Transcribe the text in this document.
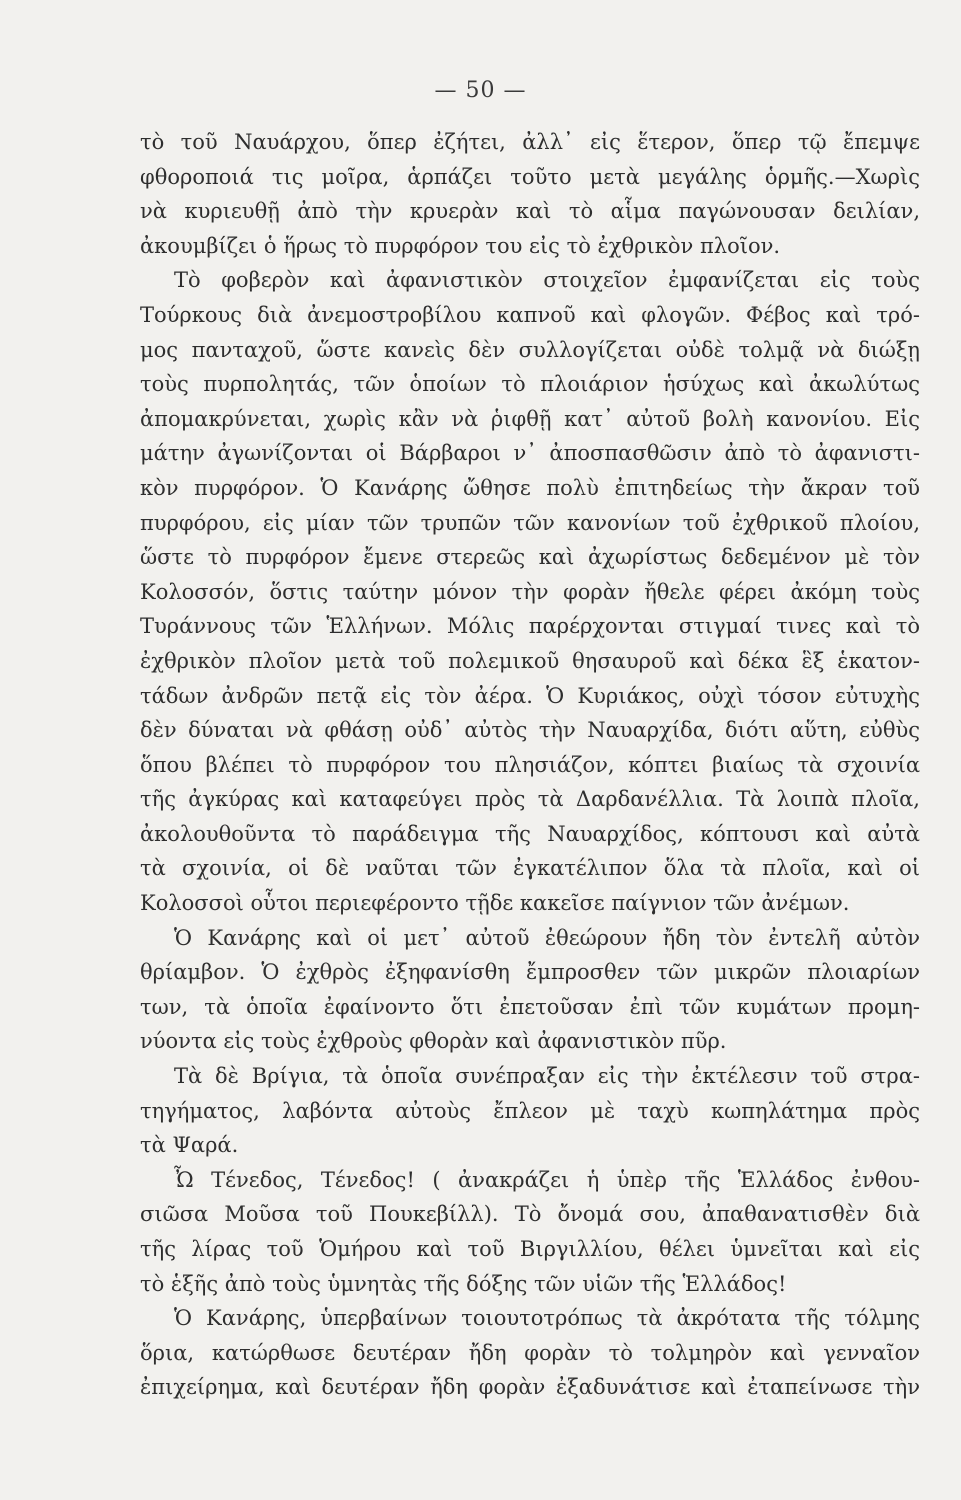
— 50 —
τὸ τοῦ Ναυάρχου, ὅπερ ἐζήτει, ἀλλ᾽ εἰς ἕτερον, ὅπερ τῷ ἔπεμψε
φθοροποιά τις μοῖρα, ἁρπάζει τοῦτο μετὰ μεγάλης ὁρμῆς.—Χωρὶς
νὰ κυριευθῇ ἀπὸ τὴν κρυερὰν καὶ τὸ αἷμα παγώνουσαν δειλίαν,
ἀκουμβίζει ὁ ἥρως τὸ πυρφόρον του εἰς τὸ ἐχθρικὸν πλοῖον.
Τὸ φοβερὸν καὶ ἀφανιστικὸν στοιχεῖον ἐμφανίζεται εἰς τοὺς
Τούρκους διὰ ἀνεμοστροβίλου καπνοῦ καὶ φλογῶν. Φέβος καὶ τρό-
μος πανταχοῦ, ὥστε κανεὶς δὲν συλλογίζεται οὐδὲ τολμᾷ νὰ διώξῃ
τοὺς πυρπολητάς, τῶν ὁποίων τὸ πλοιάριον ἡσύχως καὶ ἀκωλύτως
ἀπομακρύνεται, χωρὶς κἂν νὰ ῥιφθῇ κατ᾽ αὐτοῦ βολὴ κανονίου. Εἰς
μάτην ἀγωνίζονται οἱ Βάρβαροι ν᾽ ἀποσπασθῶσιν ἀπὸ τὸ ἀφανιστι-
κὸν πυρφόρον. Ὁ Κανάρης ὤθησε πολὺ ἐπιτηδείως τὴν ἄκραν τοῦ
πυρφόρου, εἰς μίαν τῶν τρυπῶν τῶν κανονίων τοῦ ἐχθρικοῦ πλοίου,
ὥστε τὸ πυρφόρον ἔμενε στερεῶς καὶ ἀχωρίστως δεδεμένον μὲ τὸν
Κολοσσόν, ὅστις ταύτην μόνον τὴν φορὰν ἤθελε φέρει ἀκόμη τοὺς
Τυράννους τῶν Ἑλλήνων. Μόλις παρέρχονται στιγμαί τινες καὶ τὸ
ἐχθρικὸν πλοῖον μετὰ τοῦ πολεμικοῦ θησαυροῦ καὶ δέκα ἓξ ἑκατον-
τάδων ἀνδρῶν πετᾷ εἰς τὸν ἀέρα. Ὁ Κυριάκος, οὐχὶ τόσον εὐτυχὴς
δὲν δύναται νὰ φθάσῃ οὐδ᾽ αὐτὸς τὴν Ναυαρχίδα, διότι αὕτη, εὐθὺς
ὅπου βλέπει τὸ πυρφόρον του πλησιάζον, κόπτει βιαίως τὰ σχοινία
τῆς ἀγκύρας καὶ καταφεύγει πρὸς τὰ Δαρδανέλλια. Τὰ λοιπὰ πλοῖα,
ἀκολουθοῦντα τὸ παράδειγμα τῆς Ναυαρχίδος, κόπτουσι καὶ αὐτὰ
τὰ σχοινία, οἱ δὲ ναῦται τῶν ἐγκατέλιπον ὅλα τὰ πλοῖα, καὶ οἱ
Κολοσσοὶ οὗτοι περιεφέροντο τῇδε κακεῖσε παίγνιον τῶν ἀνέμων.
Ὁ Κανάρης καὶ οἱ μετ᾽ αὐτοῦ ἐθεώρουν ἤδη τὸν ἐντελῆ αὐτὸν
θρίαμβον. Ὁ ἐχθρὸς ἐξηφανίσθη ἔμπροσθεν τῶν μικρῶν πλοιαρίων
των, τὰ ὁποῖα ἐφαίνοντο ὅτι ἐπετοῦσαν ἐπὶ τῶν κυμάτων προμη-
νύοντα εἰς τοὺς ἐχθροὺς φθορὰν καὶ ἀφανιστικὸν πῦρ.
Τὰ δὲ Βρίγια, τὰ ὁποῖα συνέπραξαν εἰς τὴν ἐκτέλεσιν τοῦ στρα-
τηγήματος, λαβόντα αὐτοὺς ἔπλεον μὲ ταχὺ κωπηλάτημα πρὸς
τὰ Ψαρά.
Ὦ Τένεδος, Τένεδος! ( ἀνακράζει ἡ ὑπὲρ τῆς Ἑλλάδος ἐνθου-
σιῶσα Μοῦσα τοῦ Πουκεβίλλ). Τὸ ὄνομά σου, ἀπαθανατισθὲν διὰ
τῆς λίρας τοῦ Ὁμήρου καὶ τοῦ Βιργιλλίου, θέλει ὑμνεῖται καὶ εἰς
τὸ ἑξῆς ἀπὸ τοὺς ὑμνητὰς τῆς δόξης τῶν υἱῶν τῆς Ἑλλάδος!
Ὁ Κανάρης, ὑπερβαίνων τοιουτοτρόπως τὰ ἀκρότατα τῆς τόλμης
ὅρια, κατώρθωσε δευτέραν ἤδη φορὰν τὸ τολμηρὸν καὶ γενναῖον
ἐπιχείρημα, καὶ δευτέραν ἤδη φορὰν ἐξαδυνάτισε καὶ ἐταπείνωσε τὴν
